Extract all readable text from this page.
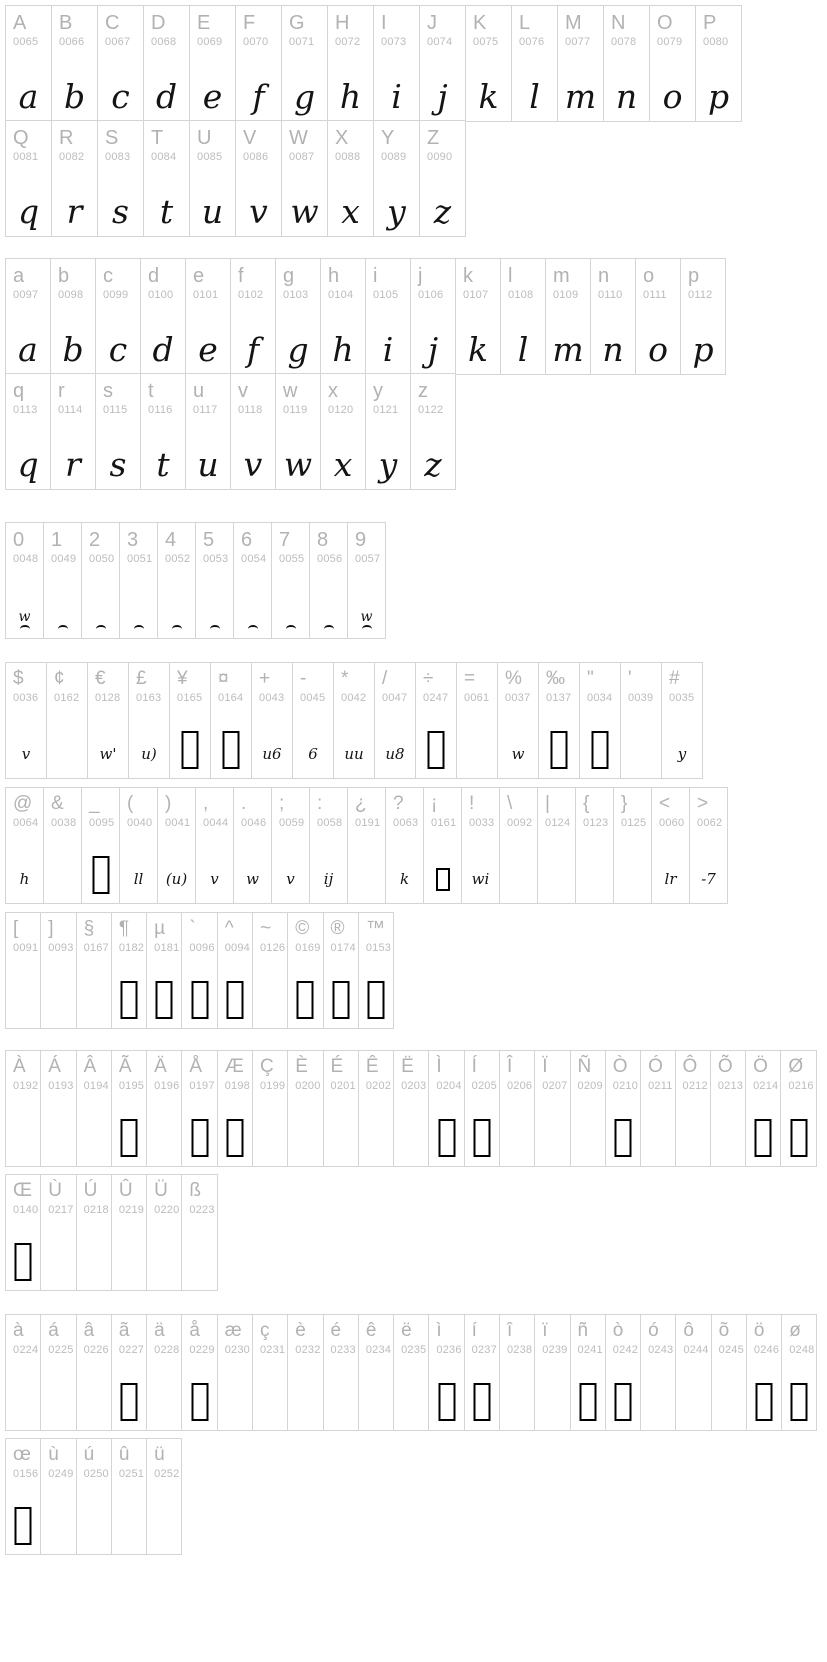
A
0065
a
B
0066
b
C
0067
c
D
0068
d
E
0069
e
F
0070
f
G
0071
g
H
0072
h
I
0073
i
J
0074
j
K
0075
k
L
0076
l
M
0077
m
N
0078
n
O
0079
o
P
0080
p
Q
0081
q
R
0082
r
S
0083
s
T
0084
t
U
0085
u
V
0086
v
W
0087
w
X
0088
x
Y
0089
y
Z
0090
z
a
0097
a
b
0098
b
c
0099
c
d
0100
d
e
0101
e
f
0102
f
g
0103
g
h
0104
h
i
0105
i
j
0106
j
k
0107
k
l
0108
l
m
0109
m
n
0110
n
o
0111
o
p
0112
p
q
0113
q
r
0114
r
s
0115
s
t
0116
t
u
0117
u
v
0118
v
w
0119
w
x
0120
x
y
0121
y
z
0122
z
0
0048
w
1
0049
2
0050
3
0051
4
0052
5
0053
6
0054
7
0055
8
0056
9
0057
w
$
0036
v
¢
0162
€
0128
w'
£
0163
u)
¥
0165
¤
0164
+
0043
u6
-
0045
6
*
0042
uu
/
0047
u8
÷
0247
=
0061
%
0037
w
‰
0137
"
0034
'
0039
#
0035
y
@
0064
h
&
0038
_
0095
(
0040
ll
)
0041
(u)
,
0044
v
.
0046
w
;
0059
v
:
0058
ij
¿
0191
?
0063
k
¡
0161
!
0033
wi
\
0092
|
0124
{
0123
}
0125
<
0060
lr
>
0062
-7
[
0091
]
0093
§
0167
¶
0182
µ
0181
`
0096
^
0094
~
0126
©
0169
®
0174
™
0153
À
0192
Á
0193
Â
0194
Ã
0195
Ä
0196
Å
0197
Æ
0198
Ç
0199
È
0200
É
0201
Ê
0202
Ë
0203
Ì
0204
Í
0205
Î
0206
Ï
0207
Ñ
0209
Ò
0210
Ó
0211
Ô
0212
Õ
0213
Ö
0214
Ø
0216
Œ
0140
Ù
0217
Ú
0218
Û
0219
Ü
0220
ß
0223
à
0224
á
0225
â
0226
ã
0227
ä
0228
å
0229
æ
0230
ç
0231
è
0232
é
0233
ê
0234
ë
0235
ì
0236
í
0237
î
0238
ï
0239
ñ
0241
ò
0242
ó
0243
ô
0244
õ
0245
ö
0246
ø
0248
œ
0156
ù
0249
ú
0250
û
0251
ü
0252
